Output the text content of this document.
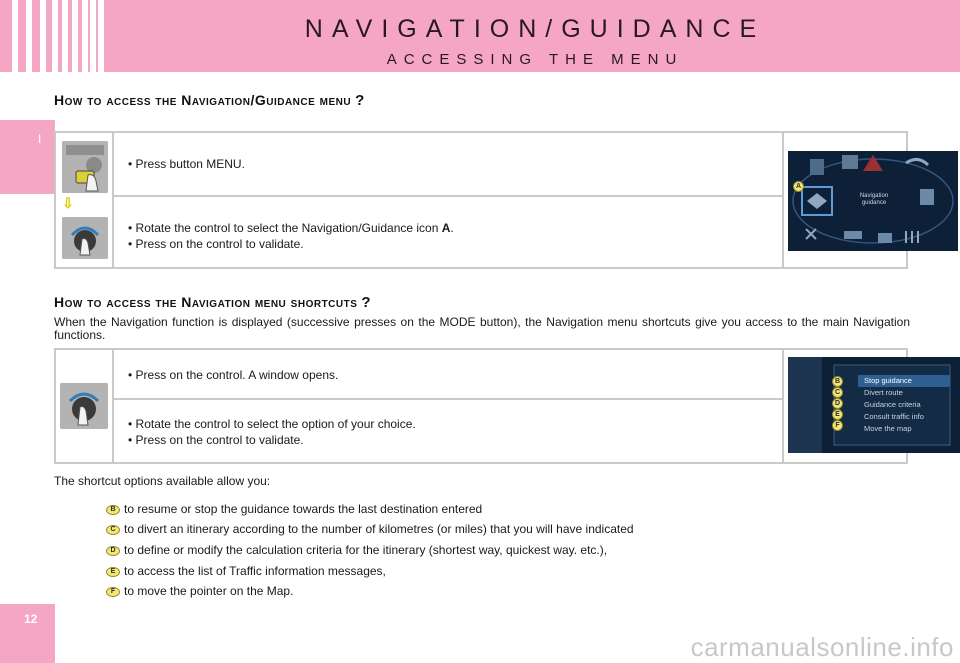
NAVIGATION/GUIDANCE
ACCESSING THE MENU
I
12
How to access the Navigation/Guidance menu ?
⇩
• Press button MENU.
• Rotate the control to select the Navigation/Guidance icon A.
• Press on the control to validate.
Navigation guidance
A
How to access the Navigation menu shortcuts ?
When the Navigation function is displayed (successive presses on the MODE button), the Navigation menu shortcuts give you access to the main Navigation functions.
• Press on the control. A window opens.
• Rotate the control to select the option of your choice.
• Press on the control to validate.
Stop guidance
Divert route
Guidance criteria
Consult traffic info
Move the map
B
C
D
E
F
The shortcut options available allow you:
B to resume or stop the guidance towards the last destination entered
C to divert an itinerary according to the number of kilometres (or miles) that you will have indicated
D to define or modify the calculation criteria for the itinerary (shortest way, quickest way. etc.),
E to access the list of Traffic information messages,
F to move the pointer on the Map.
carmanualsonline.info
